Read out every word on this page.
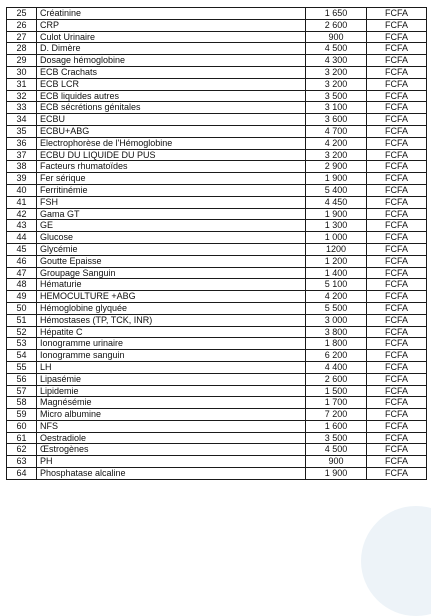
25	Créatinine	1 650	FCFA
26	CRP	2 600	FCFA
27	Culot Urinaire	900	FCFA
28	D. Dimère	4 500	FCFA
29	Dosage hémoglobine	4 300	FCFA
30	ECB Crachats	3 200	FCFA
31	ECB LCR	3 200	FCFA
32	ECB liquides autres	3 500	FCFA
33	ECB sécrétions génitales	3 100	FCFA
34	ECBU	3 600	FCFA
35	ECBU+ABG	4 700	FCFA
36	Electrophorèse de l'Hémoglobine	4 200	FCFA
37	ECBU DU LIQUIDE DU PUS	3 200	FCFA
38	Facteurs rhumatoïdes	2 900	FCFA
39	Fer sérique	1 900	FCFA
40	Ferritinémie	5 400	FCFA
41	FSH	4 450	FCFA
42	Gama GT	1 900	FCFA
43	GE	1 300	FCFA
44	Glucose	1 000	FCFA
45	Glycémie	1200	FCFA
46	Goutte Epaisse	1 200	FCFA
47	Groupage Sanguin	1 400	FCFA
48	Hématurie	5 100	FCFA
49	HEMOCULTURE +ABG	4 200	FCFA
50	Hémoglobine glyquée	5 500	FCFA
51	Hémostases (TP, TCK, INR)	3 000	FCFA
52	Hépatite C	3 800	FCFA
53	Ionogramme urinaire	1 800	FCFA
54	Ionogramme sanguin	6 200	FCFA
55	LH	4 400	FCFA
56	Lipasémie	2 600	FCFA
57	Lipidemie	1 500	FCFA
58	Magnésémie	1 700	FCFA
59	Micro albumine	7 200	FCFA
60	NFS	1 600	FCFA
61	Oestradiole	3 500	FCFA
62	Œstrogènes	4 500	FCFA
63	PH	900	FCFA
64	Phosphatase alcaline	1 900	FCFA
